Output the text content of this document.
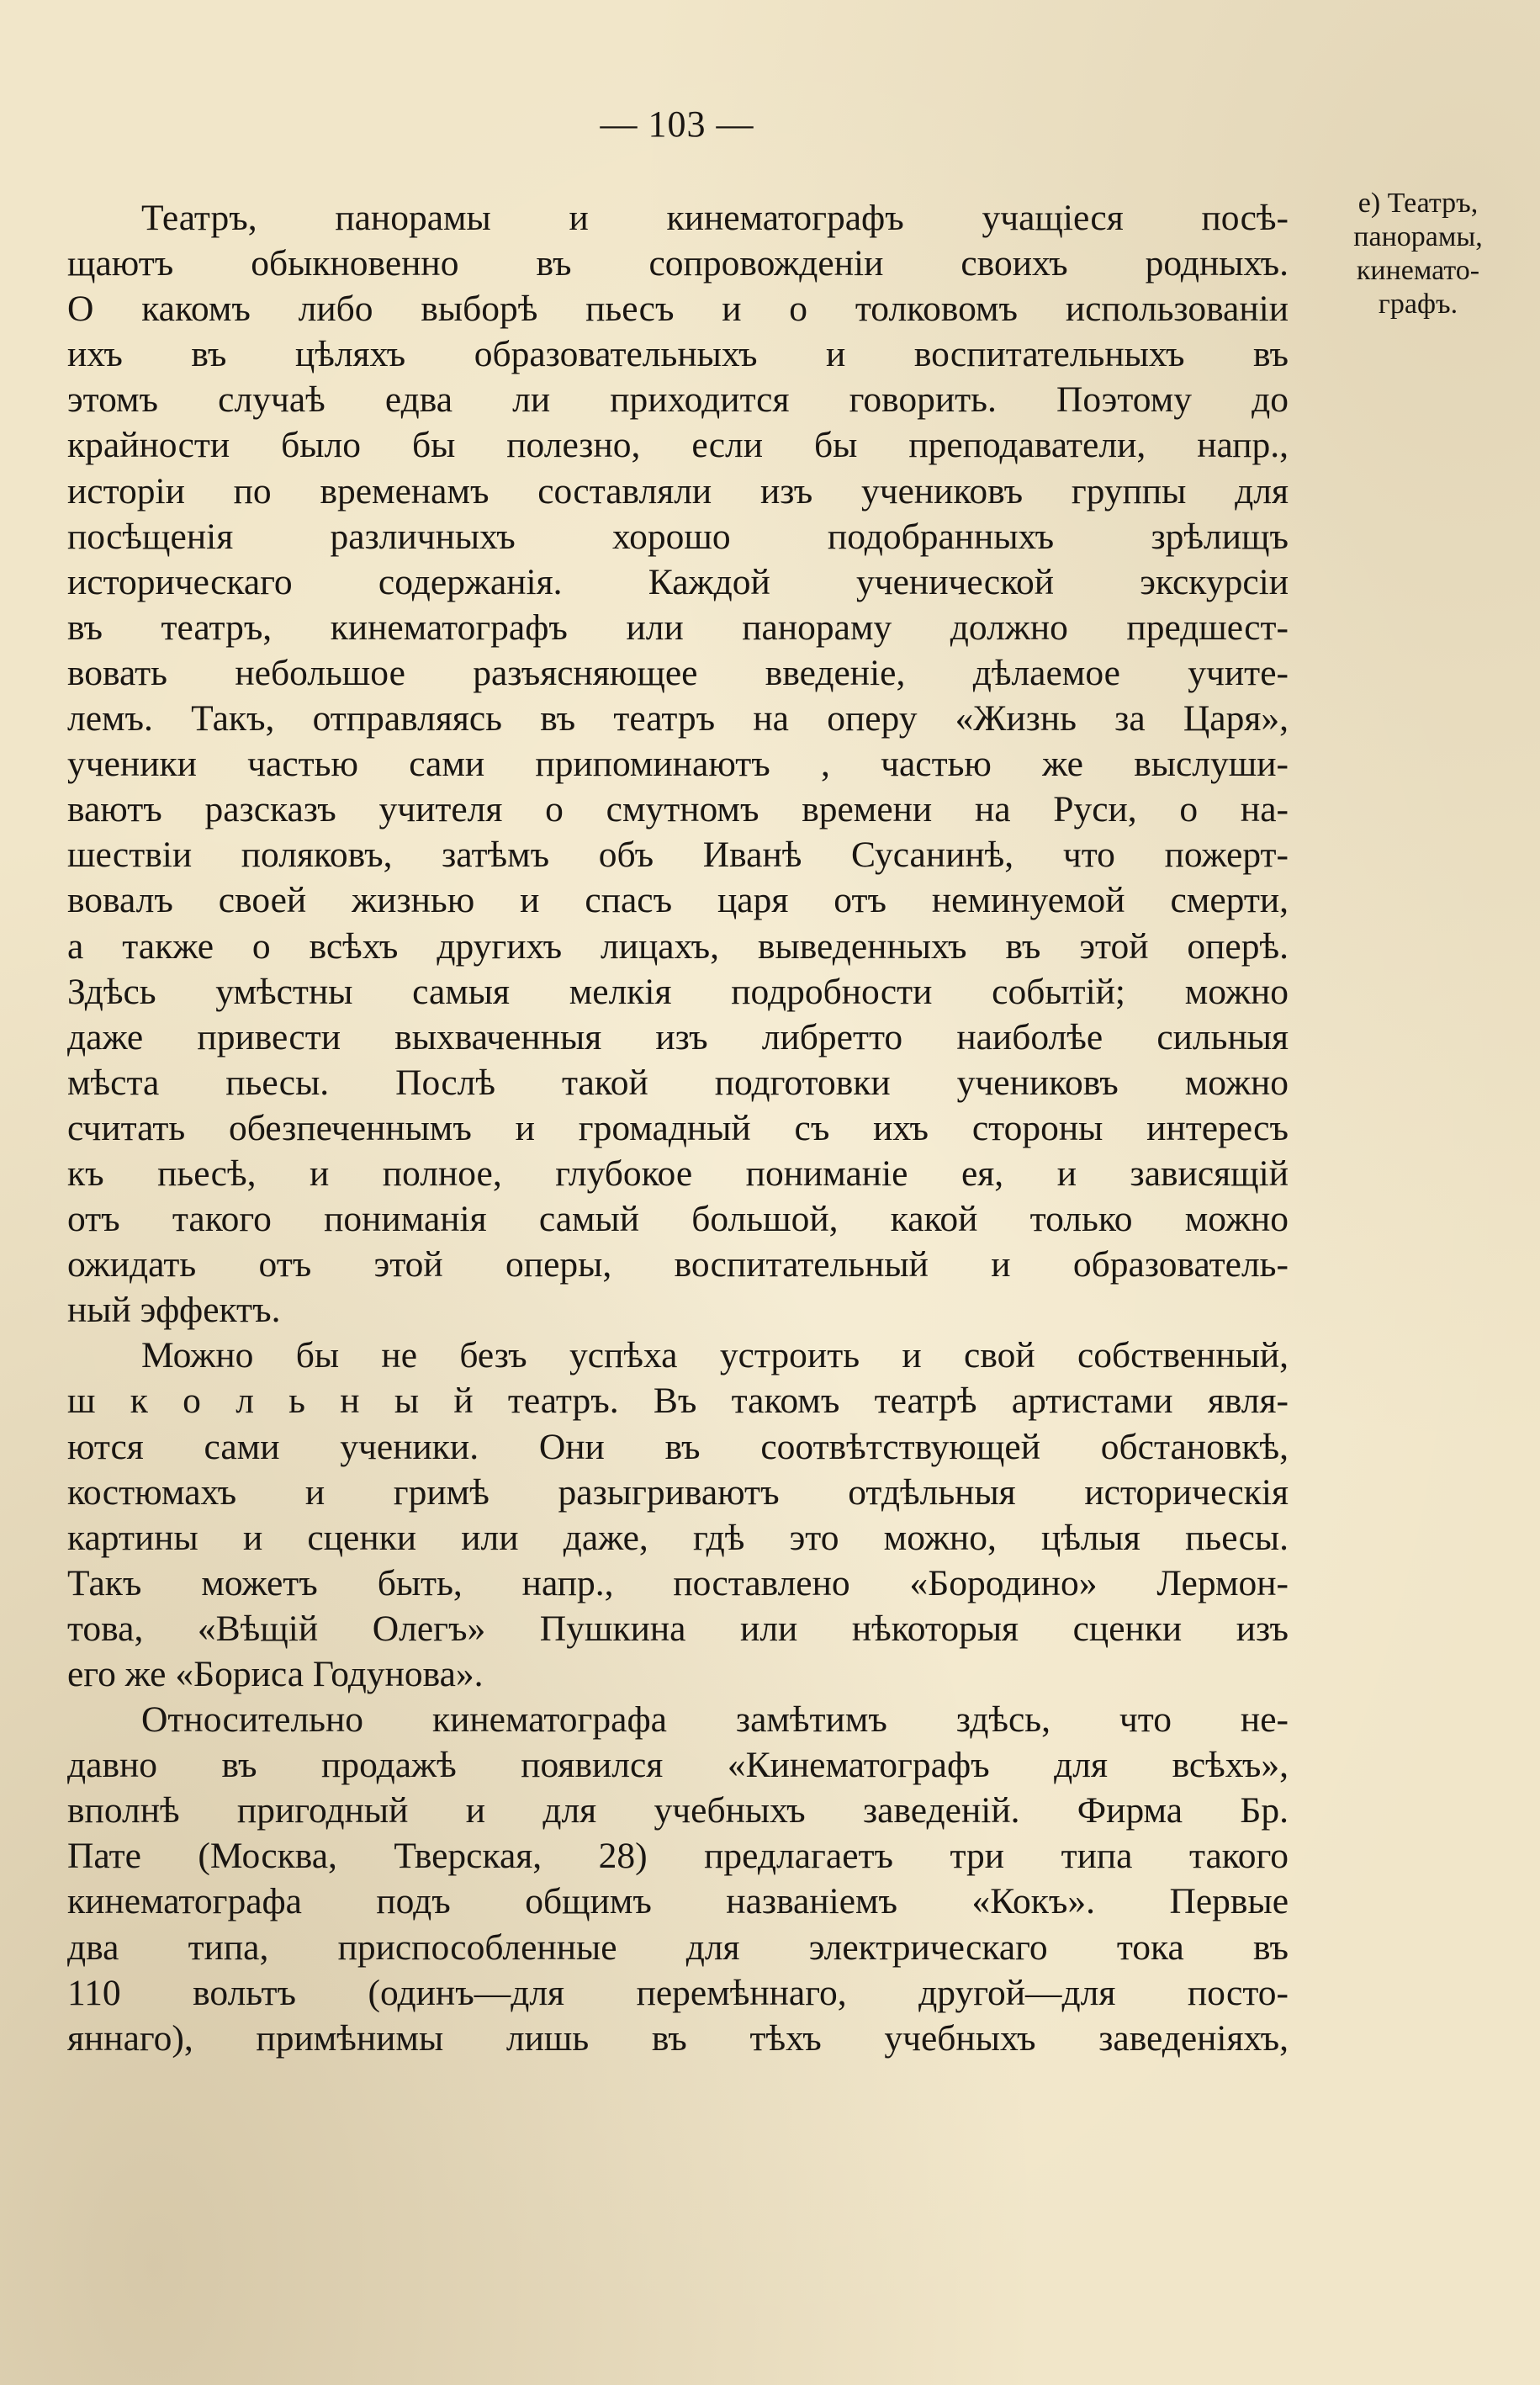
— 103 —
е) Театръ,
панорамы,
кинемато-
графъ.
Театръ, панорамы и кинематографъ учащіеся посѣ-
щаютъ обыкновенно въ сопровожденіи своихъ родныхъ.
О какомъ либо выборѣ пьесъ и о толковомъ использованіи
ихъ въ цѣляхъ образовательныхъ и воспитательныхъ въ
этомъ случаѣ едва ли приходится говорить. Поэтому до
крайности было бы полезно, если бы преподаватели, напр.,
исторіи по временамъ составляли изъ учениковъ группы для
посѣщенія различныхъ хорошо подобранныхъ зрѣлищъ
историческаго содержанія. Каждой ученической экскурсіи
въ театръ, кинематографъ или панораму должно предшест-
вовать небольшое разъясняющее введеніе, дѣлаемое учите-
лемъ. Такъ, отправляясь въ театръ на оперу «Жизнь за Царя»,
ученики частью сами припоминаютъ , частью же выслуши-
ваютъ разсказъ учителя о смутномъ времени на Руси, о на-
шествіи поляковъ, затѣмъ объ Иванѣ Сусанинѣ, что пожерт-
вовалъ своей жизнью и спасъ царя отъ неминуемой смерти,
а также о всѣхъ другихъ лицахъ, выведенныхъ въ этой оперѣ.
Здѣсь умѣстны самыя мелкія подробности событій; можно
даже привести выхваченныя изъ либретто наиболѣе сильныя
мѣста пьесы. Послѣ такой подготовки учениковъ можно
считать обезпеченнымъ и громадный съ ихъ стороны интересъ
къ пьесѣ, и полное, глубокое пониманіе ея, и зависящій
отъ такого пониманія самый большой, какой только можно
ожидать отъ этой оперы, воспитательный и образователь-
ный эффектъ.
Можно бы не безъ успѣха устроить и свой собственный,
ш к о л ь н ы й театръ. Въ такомъ театрѣ артистами явля-
ются сами ученики. Они въ соотвѣтствующей обстановкѣ,
костюмахъ и гримѣ разыгриваютъ отдѣльныя историческія
картины и сценки или даже, гдѣ это можно, цѣлыя пьесы.
Такъ можетъ быть, напр., поставлено «Бородино» Лермон-
това, «Вѣщій Олегъ» Пушкина или нѣкоторыя сценки изъ
его же «Бориса Годунова».
Относительно кинематографа замѣтимъ здѣсь, что не-
давно въ продажѣ появился «Кинематографъ для всѣхъ»,
вполнѣ пригодный и для учебныхъ заведеній. Фирма Бр.
Пате (Москва, Тверская, 28) предлагаетъ три типа такого
кинематографа подъ общимъ названіемъ «Кокъ». Первые
два типа, приспособленные для электрическаго тока въ
110 вольтъ (одинъ—для перемѣннаго, другой—для посто-
яннаго), примѣнимы лишь въ тѣхъ учебныхъ заведеніяхъ,
